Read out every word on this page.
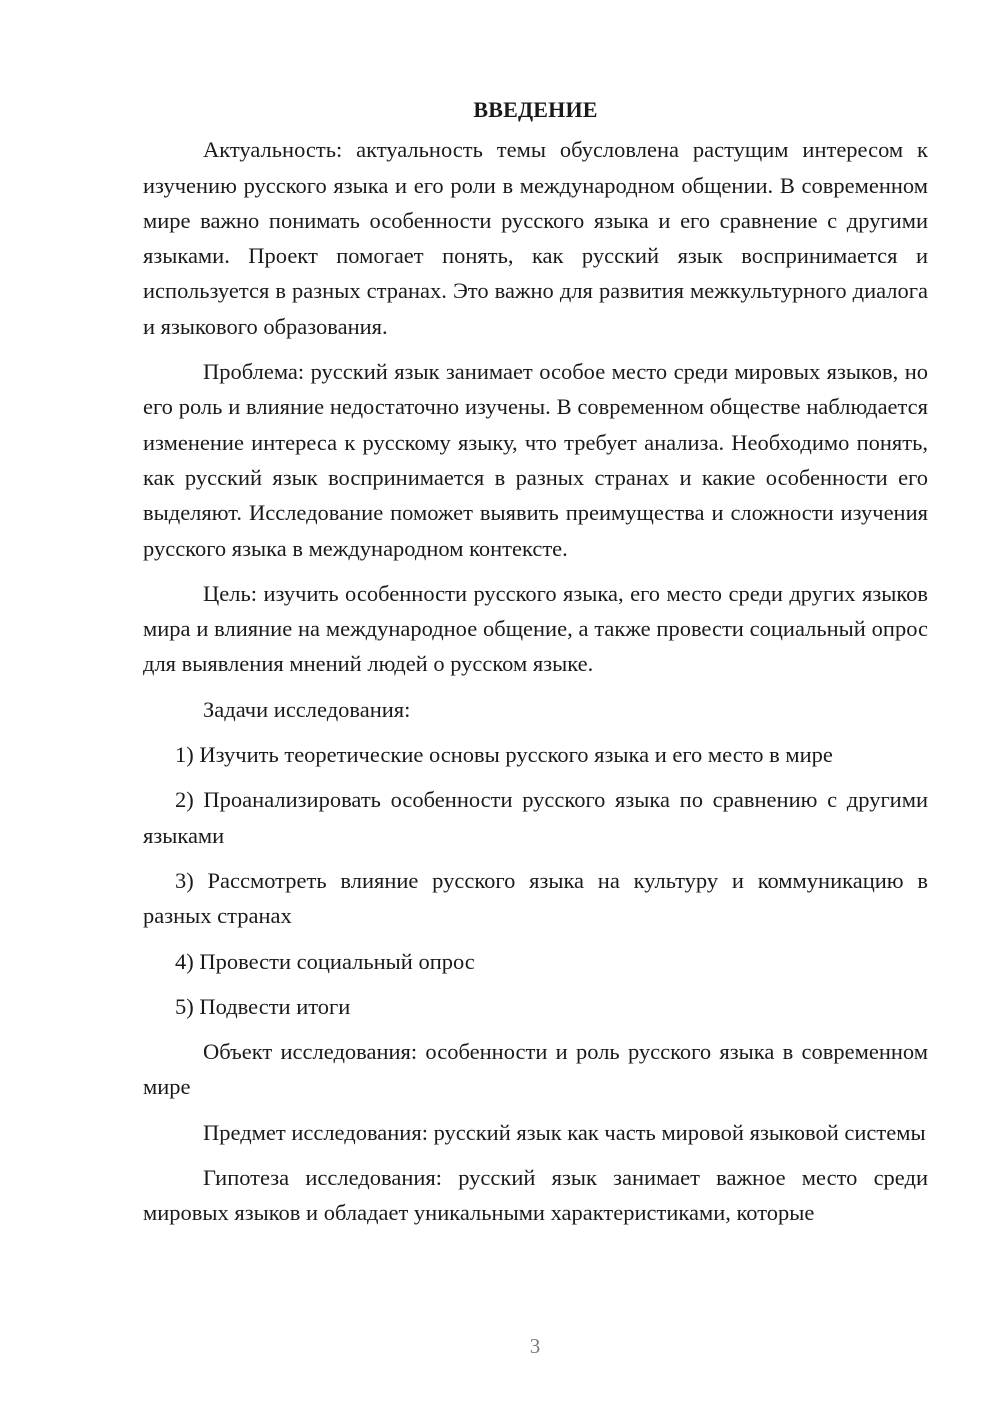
ВВЕДЕНИЕ

Актуальность: актуальность темы обусловлена растущим интересом к изучению русского языка и его роли в международном общении. В современном мире важно понимать особенности русского языка и его сравнение с другими языками. Проект помогает понять, как русский язык воспринимается и используется в разных странах. Это важно для развития межкультурного диалога и языкового образования.

Проблема: русский язык занимает особое место среди мировых языков, но его роль и влияние недостаточно изучены. В современном обществе наблюдается изменение интереса к русскому языку, что требует анализа. Необходимо понять, как русский язык воспринимается в разных странах и какие особенности его выделяют. Исследование поможет выявить преимущества и сложности изучения русского языка в международном контексте.

Цель: изучить особенности русского языка, его место среди других языков мира и влияние на международное общение, а также провести социальный опрос для выявления мнений людей о русском языке.

Задачи исследования:

1) Изучить теоретические основы русского языка и его место в мире

2) Проанализировать особенности русского языка по сравнению с другими языками

3) Рассмотреть влияние русского языка на культуру и коммуникацию в разных странах

4) Провести социальный опрос

5) Подвести итоги

Объект исследования: особенности и роль русского языка в современном мире

Предмет исследования: русский язык как часть мировой языковой системы

Гипотеза исследования: русский язык занимает важное место среди мировых языков и обладает уникальными характеристиками, которые

3
